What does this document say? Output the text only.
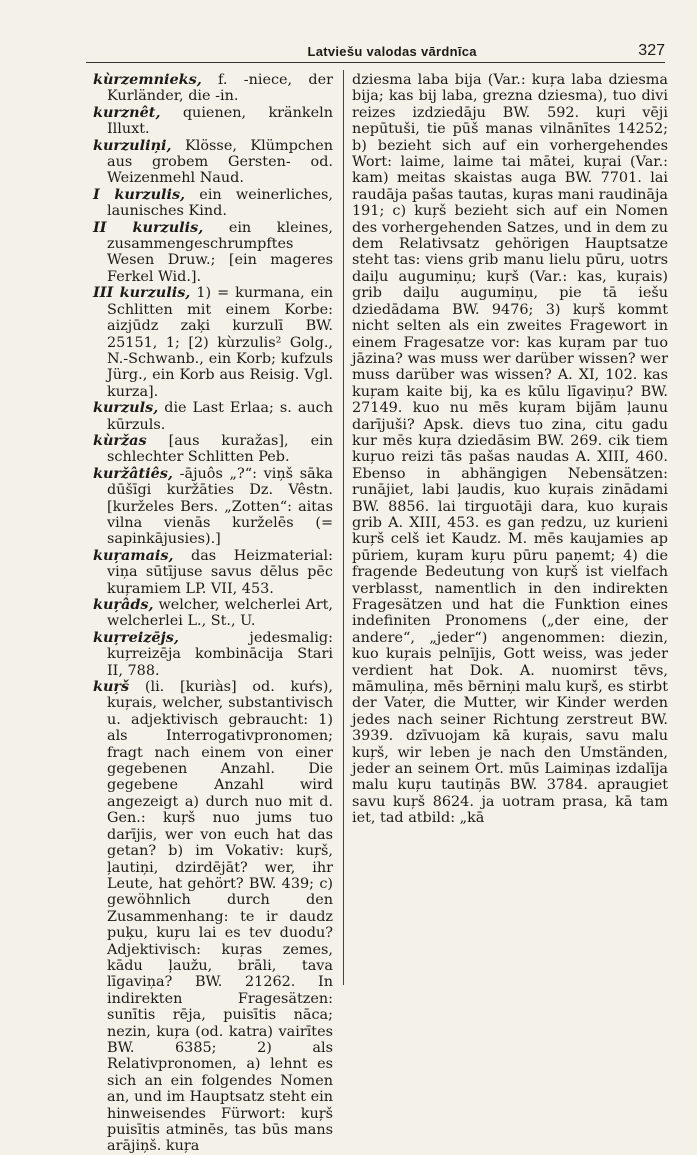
Latviešu valodas vārdnīca	327
kùrzemnieks, f. -niece, der Kurländer, die -in.
kurznêt, quienen, kränkeln Illuxt.
kurzuliņi, Klösse, Klümpchen aus grobem Gersten- od. Weizenmehl Naud.
I kurzulis, ein weinerliches, launisches Kind.
II kurzulis, ein kleines, zusammengeschrumpftes Wesen Druw.; [ein mageres Ferkel Wid.].
III kurzulis, 1) = kurmana, ein Schlitten mit einem Korbe: aizjūdz zaķi kurzulī BW. 25151, 1; [2) kùrzulis² Golg., N.-Schwanb., ein Korb; kufzuls Jürg., ein Korb aus Reisig. Vgl. kurza].
kurzuls, die Last Erlaa; s. auch kūrzuls.
kùržas [aus kuražas], ein schlechter Schlitten Peb.
kuržâtiês, -ājuôs „?“: viņš sāka dūšīgi kuržāties Dz. Vêstn. [kurželes Bers. „Zotten“: aitas vilna vienās kurželēs (= sapinkājusies).]
kuŗamais, das Heizmaterial: viņa sūtījuse savus dēlus pēc kuŗamiem LP. VII, 453.
kuŗâds, welcher, welcherlei Art, welcherlei L., St., U.
kuŗreizējs,	jedesmalig: kuŗreizēja kombinācija Stari II, 788.
kuŗš (li. [kuriàs] od. kuŕs), kuŗais, welcher, substantivisch u. adjektivisch gebraucht: 1) als Interrogativpronomen; fragt nach einem von einer gegebenen Anzahl. Die gegebene Anzahl wird angezeigt a) durch nuo mit d. Gen.: kuŗš nuo jums tuo darījis, wer von euch hat das getan? b) im Vokativ: kuŗš, ļautiņi, dzirdējāt? wer, ihr Leute, hat gehört? BW. 439; c) gewöhnlich durch den Zusammenhang: te ir daudz puķu, kuŗu lai es tev duodu? Adjektivisch: kuŗas zemes, kādu ļaužu, brāli, tava līgaviņa? BW. 21262. In indirekten Fragesätzen: sunītis rēja, puisītis nāca; nezin, kuŗa (od. katra) vairītes BW. 6385; 2) als Relativpronomen, a) lehnt es sich an ein folgendes Nomen an, und im Hauptsatz steht ein hinweisendes Fürwort: kuŗš puisītis atminēs, tas būs mans arājiņš. kuŗa
dziesma laba bija (Var.: kuŗa laba dziesma bija; kas bij laba, grezna dziesma), tuo divi reizes izdziedāju BW. 592. kuŗi vēji nepūtuši, tie pūš manas vilnānītes 14252; b) bezieht sich auf ein vorhergehendes Wort: laime, laime tai mātei, kuŗai (Var.: kam) meitas skaistas auga BW. 7701. lai raudāja pašas tautas, kuŗas mani raudināja 191; c) kuŗš bezieht sich auf ein Nomen des vorhergehenden Satzes, und in dem zu dem Relativsatz gehörigen Hauptsatze steht tas: viens grib manu lielu pūru, uotrs daiļu augumiņu; kuŗš (Var.: kas, kuŗais) grib daiļu augumiņu, pie tā iešu dziedādama BW. 9476; 3) kuŗš kommt nicht selten als ein zweites Fragewort in einem Fragesatze vor: kas kuŗam par tuo jāzina? was muss wer darüber wissen? wer muss darüber was wissen? A. XI, 102. kas kuŗam kaite bij, ka es kūlu līgaviņu? BW. 27149. kuo nu mēs kuŗam bijām ļaunu darījuši? Apsk. dievs tuo zina, citu gadu kur mēs kuŗa dziedāsim BW. 269. cik tiem kuŗuo reizi tās pašas naudas A. XIII, 460. Ebenso in abhängigen Nebensätzen: runājiet, labi ļaudis, kuo kuŗais zinādami BW. 8856. lai tirguotāji dara, kuo kuŗais grib A. XIII, 453. es gan ŗedzu, uz kurieni kuŗš celš iet Kaudz. M. mēs kaujamies ap pūriem, kuŗam kuŗu pūru paņemt; 4) die fragende Bedeutung von kuŗš ist vielfach verblasst, namentlich in den indirekten Fragesätzen und hat die Funktion eines indefiniten Pronomens („der eine, der andere“, „jeder“) angenommen: diezin, kuo kuŗais pelnījis, Gott weiss, was jeder verdient hat Dok. A. nuomirst tēvs, māmuliņa, mēs bērniņi malu kuŗš, es stirbt der Vater, die Mutter, wir Kinder werden jedes nach seiner Richtung zerstreut BW. 3939. dzīvuojam kā kuŗais, savu malu kuŗš, wir leben je nach den Umständen, jeder an seinem Ort. mūs Laimiņas izdalīja malu kuŗu tautiņās BW. 3784. apraugiet savu kuŗš 8624. ja uotram prasa, kā tam iet, tad atbild: „kā
